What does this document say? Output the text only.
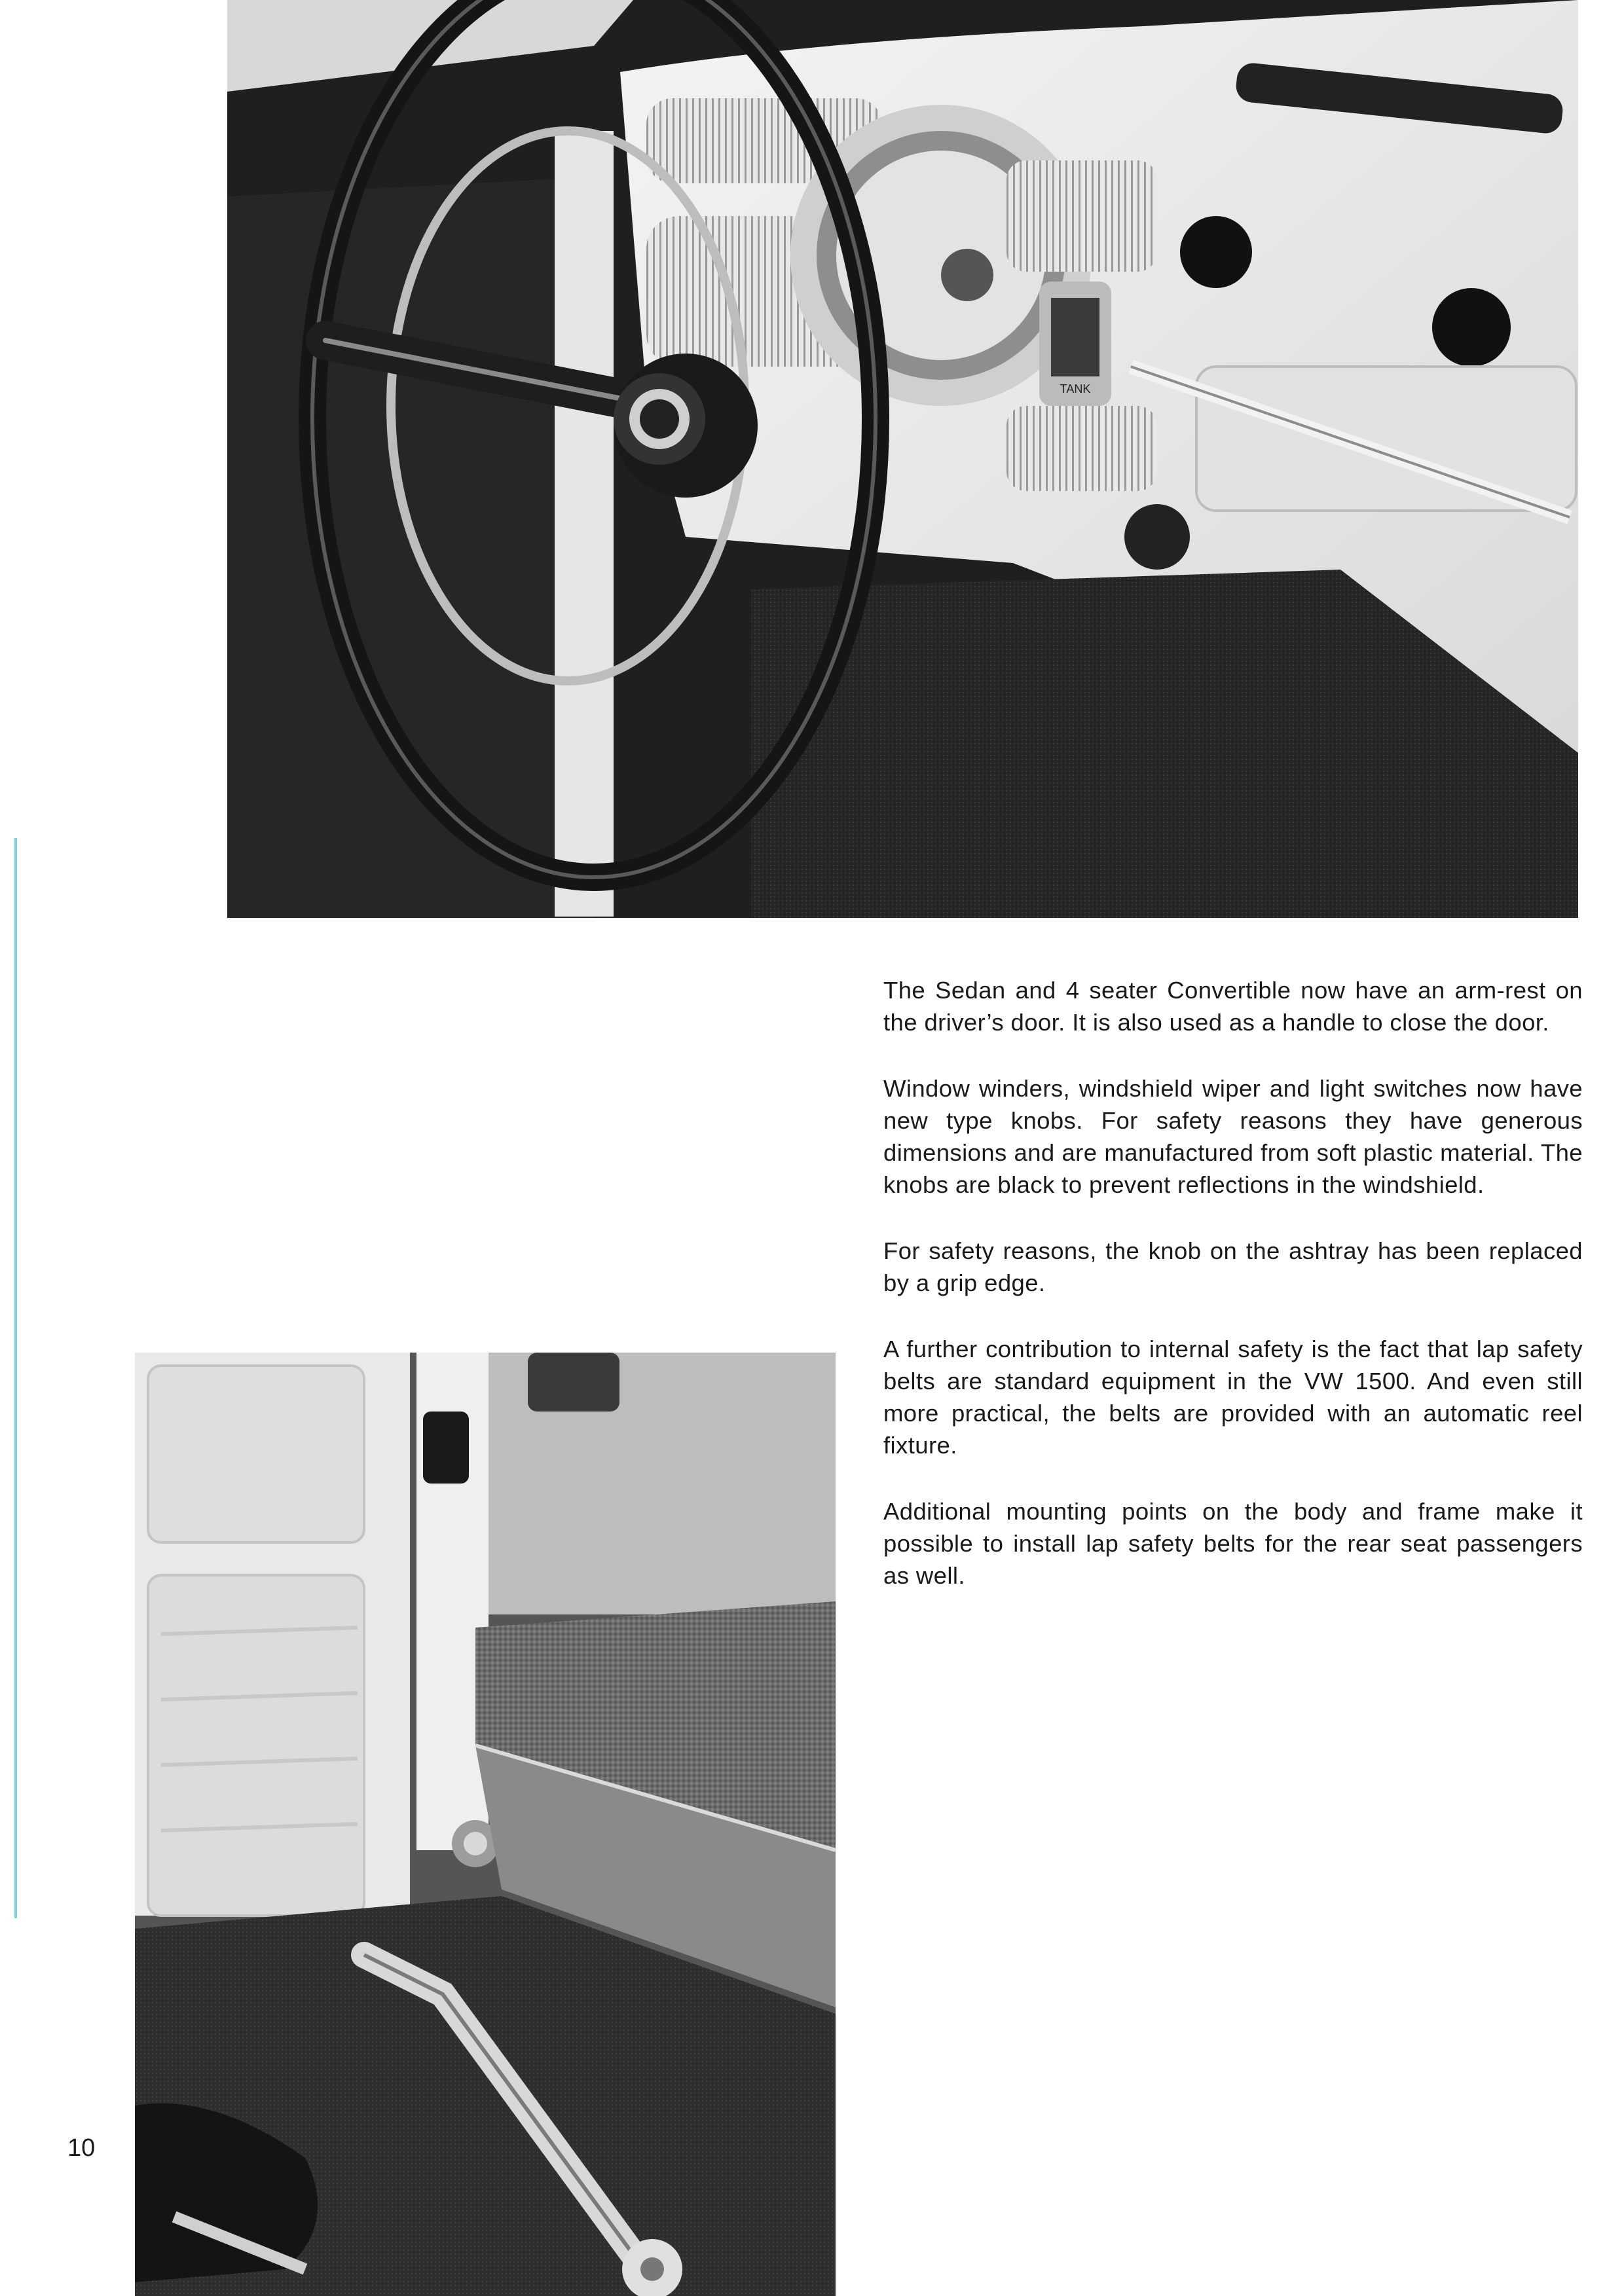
TANK

The Sedan and 4 seater Convertible now have an arm-rest on the driver’s door. It is also used as a handle to close the door.

Window winders, windshield wiper and light switches now have new type knobs. For safety reasons they have generous dimensions and are manufactured from soft plastic material. The knobs are black to prevent reflections in the windshield.

For safety reasons, the knob on the ashtray has been replaced by a grip edge.

A further contribution to internal safety is the fact that lap safety belts are standard equipment in the VW 1500. And even still more practical, the belts are provided with an automatic reel fixture.

Additional mounting points on the body and frame make it possible to install lap safety belts for the rear seat passengers as well.

10
